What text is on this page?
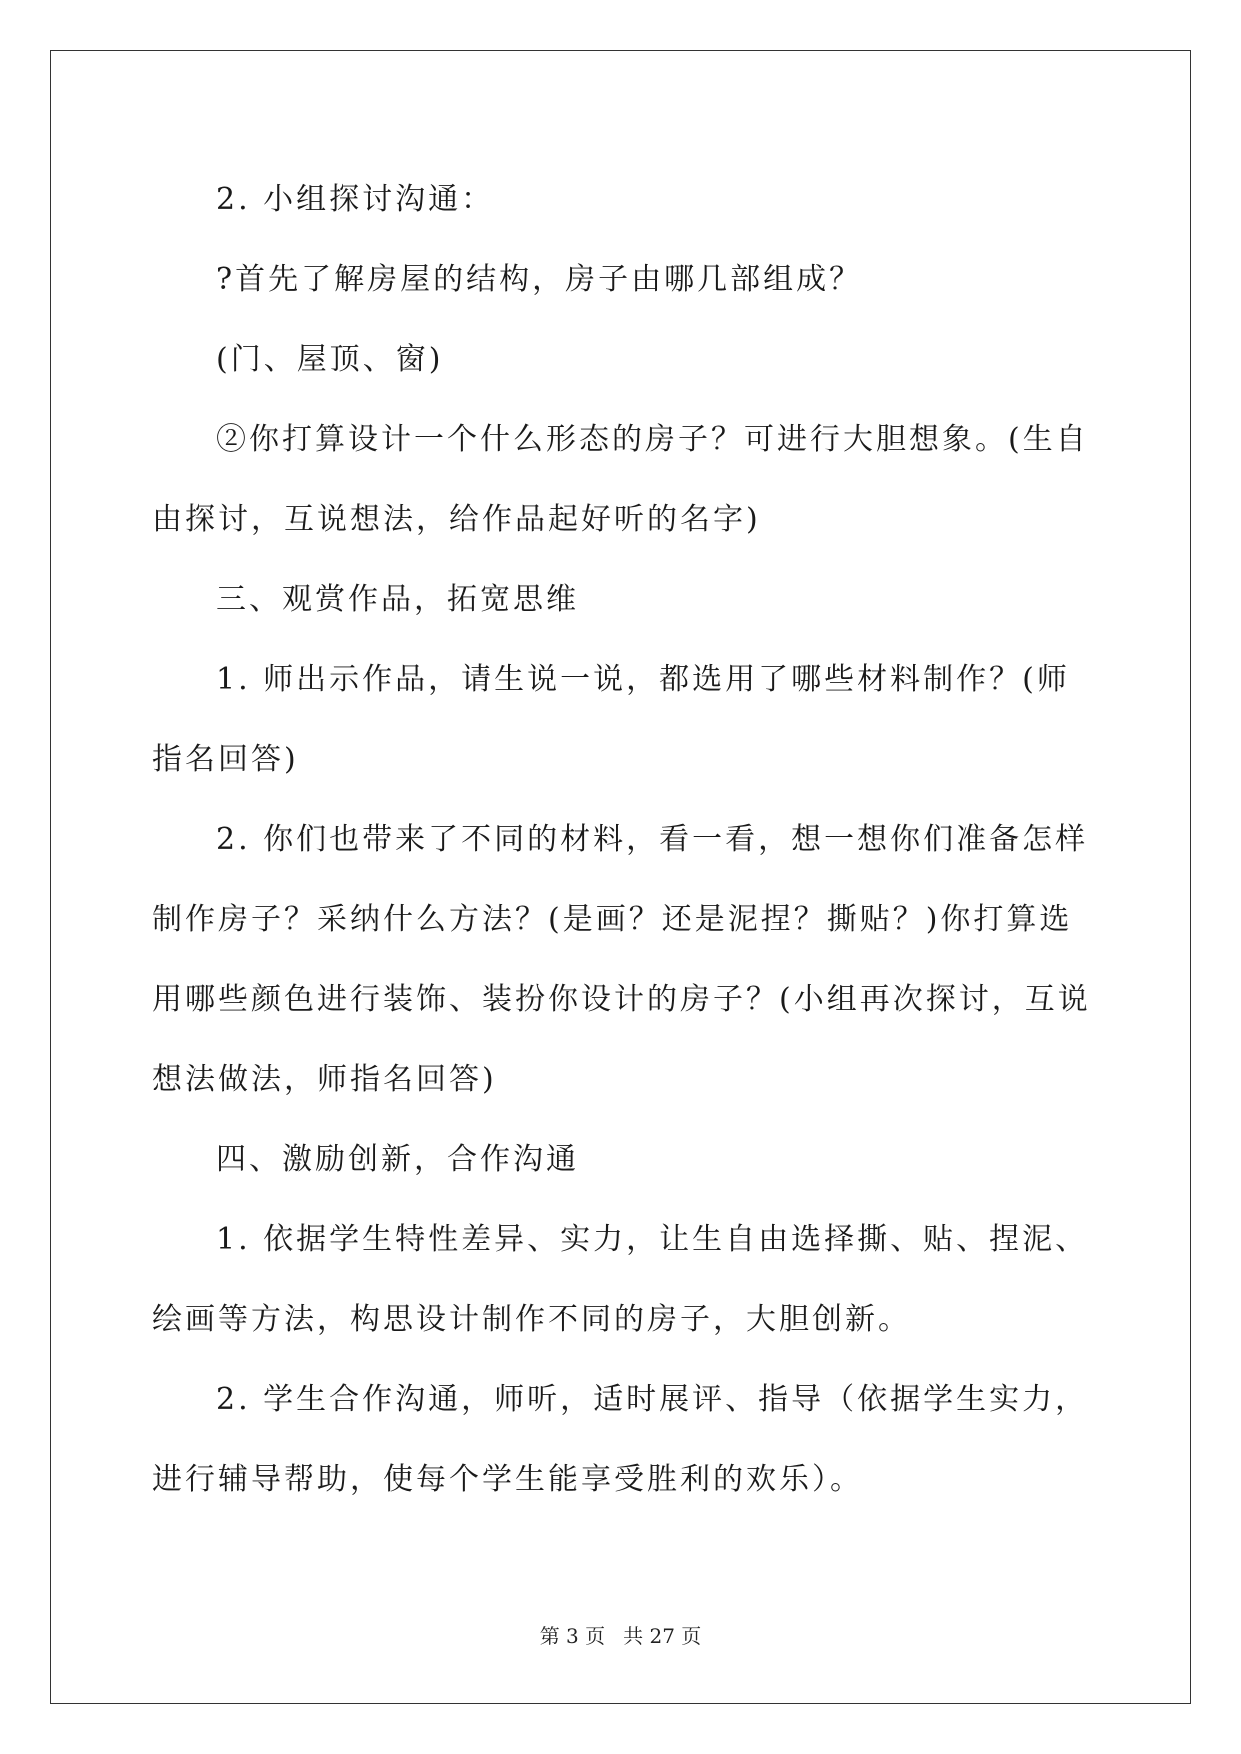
2. 小组探讨沟通：

?首先了解房屋的结构，房子由哪几部组成？

(门、屋顶、窗)

②你打算设计一个什么形态的房子？可进行大胆想象。(生自由探讨，互说想法，给作品起好听的名字)

三、观赏作品，拓宽思维

1. 师出示作品，请生说一说，都选用了哪些材料制作？(师指名回答)

2. 你们也带来了不同的材料，看一看，想一想你们准备怎样制作房子？采纳什么方法？(是画？还是泥捏？撕贴？)你打算选用哪些颜色进行装饰、装扮你设计的房子？(小组再次探讨，互说想法做法，师指名回答)

四、激励创新，合作沟通

1. 依据学生特性差异、实力，让生自由选择撕、贴、捏泥、绘画等方法，构思设计制作不同的房子，大胆创新。

2. 学生合作沟通，师听，适时展评、指导（依据学生实力，进行辅导帮助，使每个学生能享受胜利的欢乐）。

第 3 页 共 27 页
